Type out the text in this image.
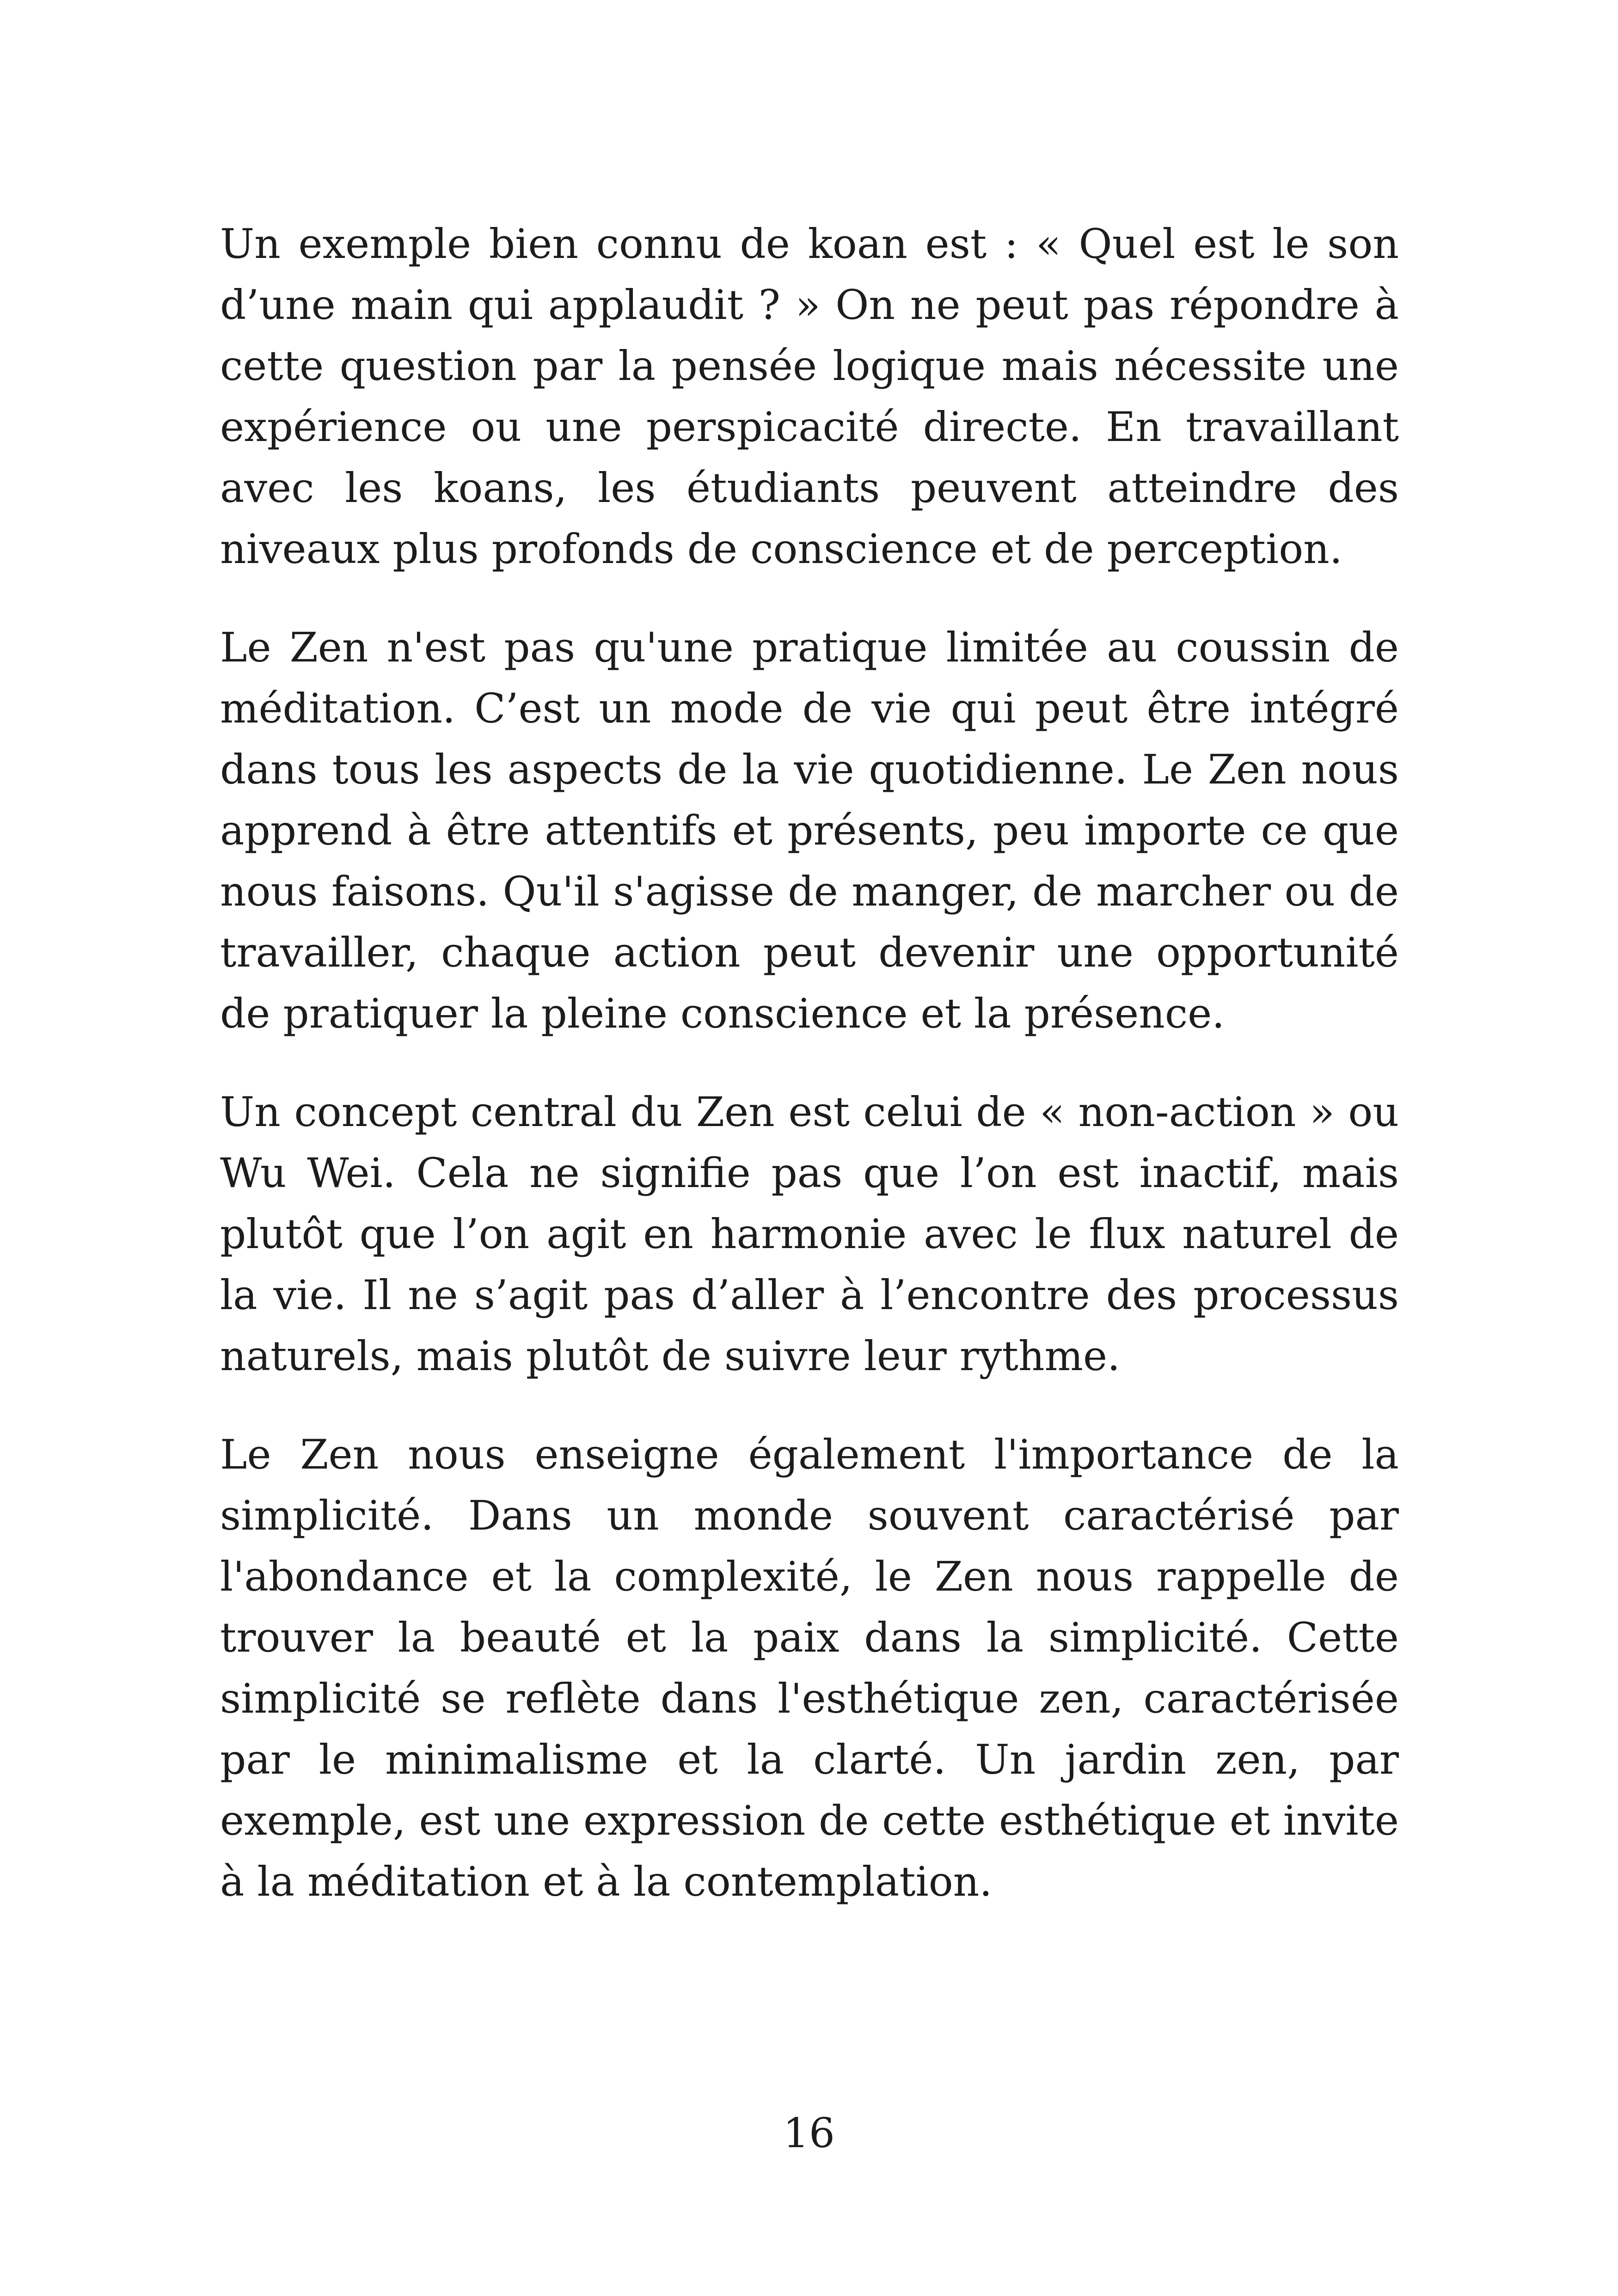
Un exemple bien connu de koan est : « Quel est le son d’une main qui applaudit ? » On ne peut pas répondre à cette question par la pensée logique mais nécessite une expérience ou une perspicacité directe. En travaillant avec les koans, les étudiants peuvent atteindre des niveaux plus profonds de conscience et de perception.

Le Zen n'est pas qu'une pratique limitée au coussin de méditation. C’est un mode de vie qui peut être intégré dans tous les aspects de la vie quotidienne. Le Zen nous apprend à être attentifs et présents, peu importe ce que nous faisons. Qu'il s'agisse de manger, de marcher ou de travailler, chaque action peut devenir une opportunité de pratiquer la pleine conscience et la présence.

Un concept central du Zen est celui de « non-action » ou Wu Wei. Cela ne signifie pas que l’on est inactif, mais plutôt que l’on agit en harmonie avec le flux naturel de la vie. Il ne s’agit pas d’aller à l’encontre des processus naturels, mais plutôt de suivre leur rythme.

Le Zen nous enseigne également l'importance de la simplicité. Dans un monde souvent caractérisé par l'abondance et la complexité, le Zen nous rappelle de trouver la beauté et la paix dans la simplicité. Cette simplicité se reflète dans l'esthétique zen, caractérisée par le minimalisme et la clarté. Un jardin zen, par exemple, est une expression de cette esthétique et invite à la méditation et à la contemplation.

16
